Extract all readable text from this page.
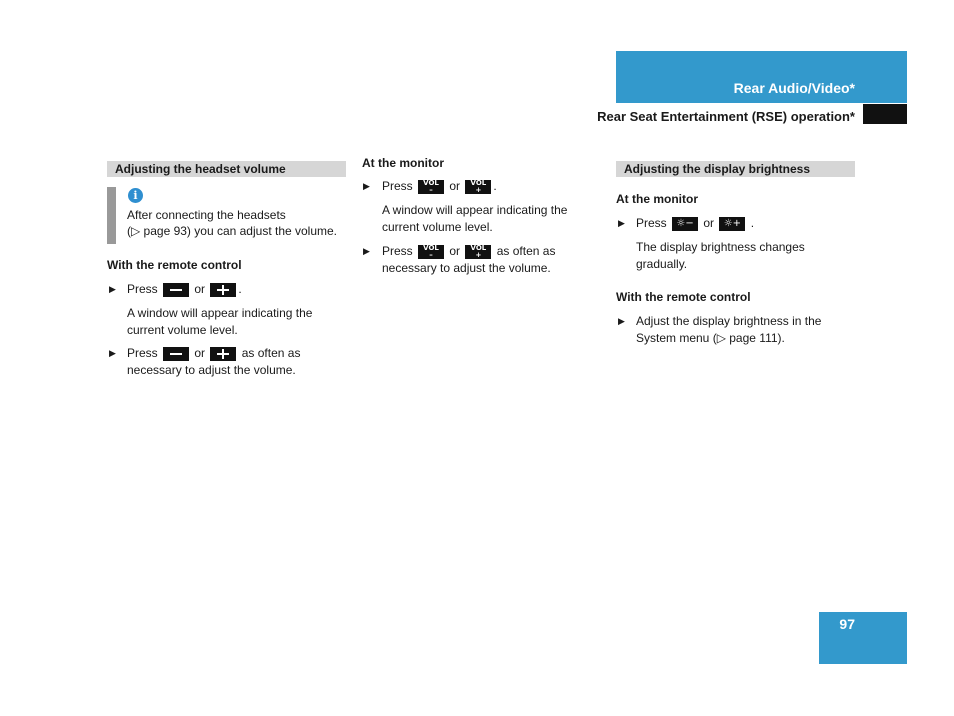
Rear Audio/Video*
Rear Seat Entertainment (RSE) operation*
Adjusting the headset volume
i
After connecting the headsets
(▷ page 93) you can adjust the volume.
With the remote control
▶ Press	or	.
A window will appear indicating the
current volume level.
▶ Press	or	as often as
necessary to adjust the volume.
At the monitor
▶ Press VOL
– or VOL
+ .
A window will appear indicating the
current volume level.
▶ Press VOL
– or VOL
+ as often as
necessary to adjust the volume.
Adjusting the display brightness
At the monitor
▶ Press ☼− or ☼+ .
The display brightness changes
gradually.
With the remote control
▶ Adjust the display brightness in the
System menu (▷ page 111).
97
